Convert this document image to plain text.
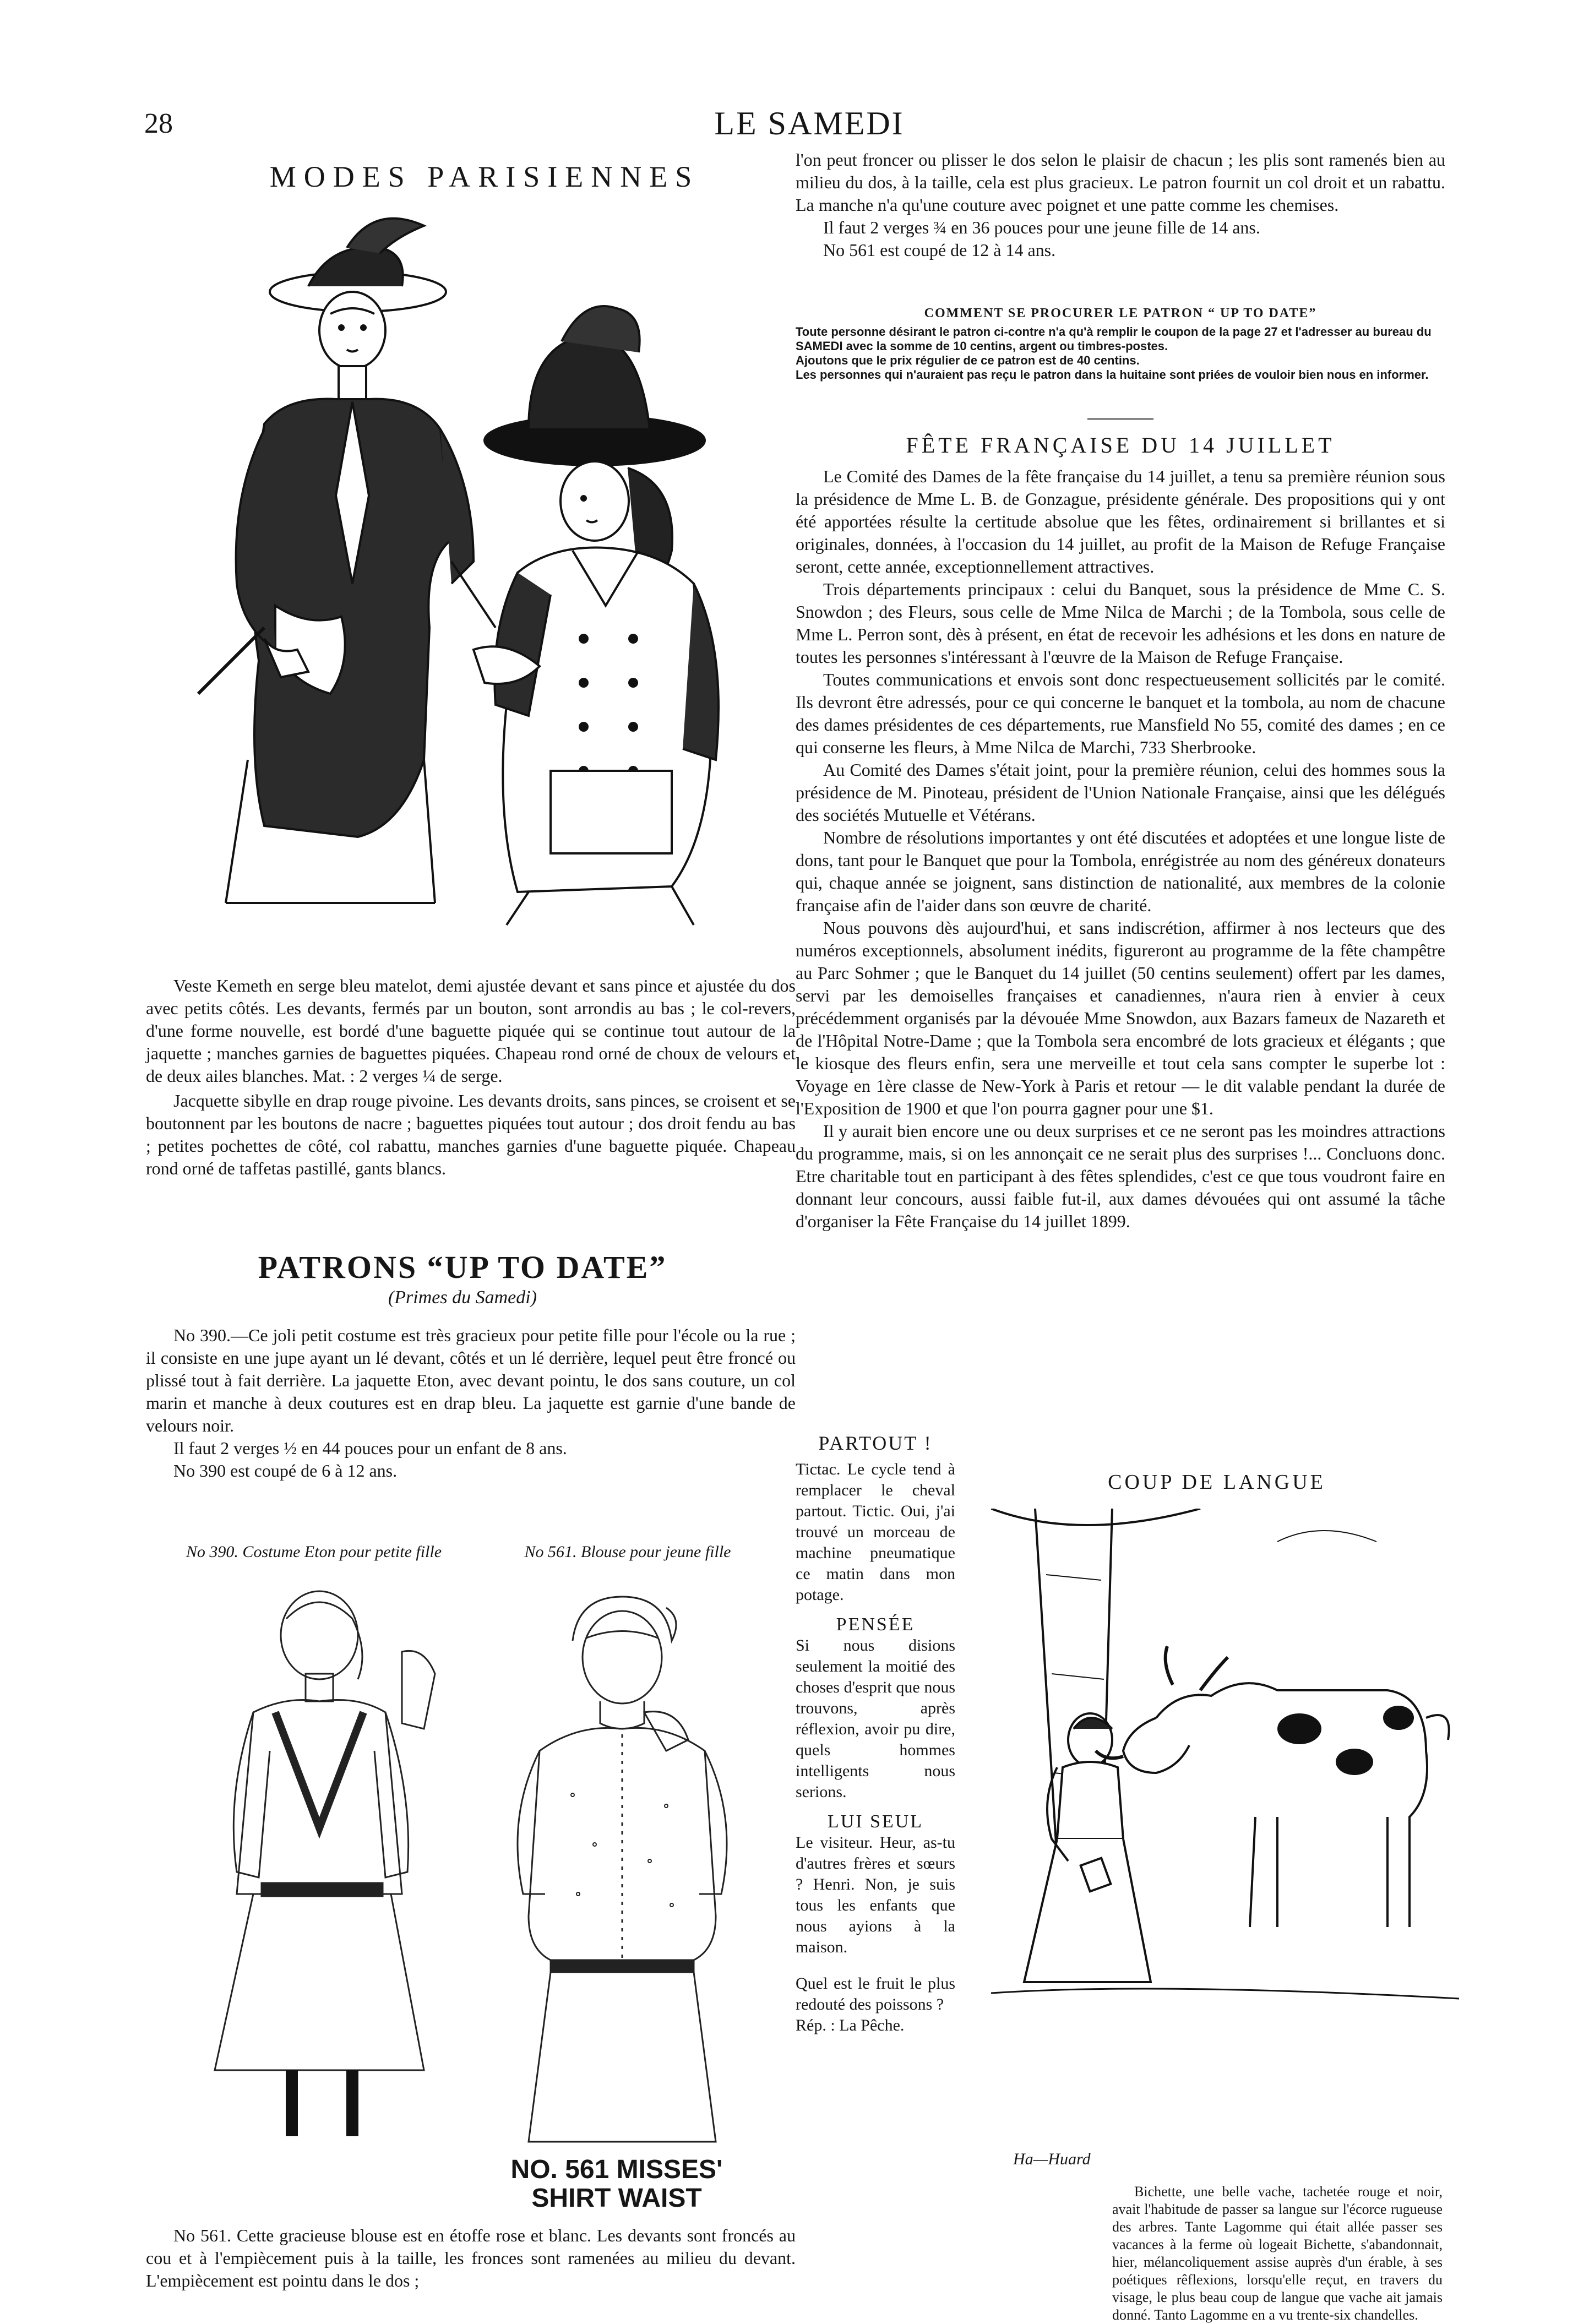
28	LE SAMEDI
MODES PARISIENNES

Veste Kemeth en serge bleu matelot, demi ajustée devant et sans pince et ajustée du dos avec petits côtés. Les devants, fermés par un bouton, sont arrondis au bas ; le col-revers, d'une forme nouvelle, est bordé d'une baguette piquée qui se continue tout autour de la jaquette ; manches garnies de baguettes piquées. Chapeau rond orné de choux de velours et de deux ailes blanches. Mat. : 2 verges ¼ de serge.

Jacquette sibylle en drap rouge pivoine. Les devants droits, sans pinces, se croisent et se boutonnent par les boutons de nacre ; baguettes piquées tout autour ; dos droit fendu au bas ; petites pochettes de côté, col rabattu, manches garnies d'une baguette piquée. Chapeau rond orné de taffetas pastillé, gants blancs.

PATRONS “UP TO DATE”
(Primes du Samedi)

No 390.—Ce joli petit costume est très gracieux pour petite fille pour l'école ou la rue ; il consiste en une jupe ayant un lé devant, côtés et un lé derrière, lequel peut être froncé ou plissé tout à fait derrière. La jaquette Eton, avec devant pointu, le dos sans couture, un col marin et manche à deux coutures est en drap bleu. La jaquette est garnie d'une bande de velours noir.

Il faut 2 verges ½ en 44 pouces pour un enfant de 8 ans.

No 390 est coupé de 6 à 12 ans.

No 390. Costume Eton pour petite fille	No 561. Blouse pour jeune fille
NO. 561 MISSES'
SHIRT WAIST

No 561. Cette gracieuse blouse est en étoffe rose et blanc. Les devants sont froncés au cou et à l'empiècement puis à la taille, les fronces sont ramenées au milieu du devant. L'empiècement est pointu dans le dos ;

l'on peut froncer ou plisser le dos selon le plaisir de chacun ; les plis sont ramenés bien au milieu du dos, à la taille, cela est plus gracieux. Le patron fournit un col droit et un rabattu. La manche n'a qu'une couture avec poignet et une patte comme les chemises.

Il faut 2 verges ¾ en 36 pouces pour une jeune fille de 14 ans.

No 561 est coupé de 12 à 14 ans.

COMMENT SE PROCURER LE PATRON “ UP TO DATE”
Toute personne désirant le patron ci-contre n'a qu'à remplir le coupon de la page 27 et l'adresser au bureau du SAMEDI avec la somme de 10 centins, argent ou timbres-postes.
Ajoutons que le prix régulier de ce patron est de 40 centins.
Les personnes qui n'auraient pas reçu le patron dans la huitaine sont priées de vouloir bien nous en informer.
FÊTE FRANÇAISE DU 14 JUILLET

Le Comité des Dames de la fête française du 14 juillet, a tenu sa première réunion sous la présidence de Mme L. B. de Gonzague, présidente générale. Des propositions qui y ont été apportées résulte la certitude absolue que les fêtes, ordinairement si brillantes et si originales, données, à l'occasion du 14 juillet, au profit de la Maison de Refuge Française seront, cette année, exceptionnellement attractives.

Trois départements principaux : celui du Banquet, sous la présidence de Mme C. S. Snowdon ; des Fleurs, sous celle de Mme Nilca de Marchi ; de la Tombola, sous celle de Mme L. Perron sont, dès à présent, en état de recevoir les adhésions et les dons en nature de toutes les personnes s'intéressant à l'œuvre de la Maison de Refuge Française.

Toutes communications et envois sont donc respectueusement sollicités par le comité. Ils devront être adressés, pour ce qui concerne le banquet et la tombola, au nom de chacune des dames présidentes de ces départements, rue Mansfield No 55, comité des dames ; en ce qui conserne les fleurs, à Mme Nilca de Marchi, 733 Sherbrooke.

Au Comité des Dames s'était joint, pour la première réunion, celui des hommes sous la présidence de M. Pinoteau, président de l'Union Nationale Française, ainsi que les délégués des sociétés Mutuelle et Vétérans.

Nombre de résolutions importantes y ont été discutées et adoptées et une longue liste de dons, tant pour le Banquet que pour la Tombola, enrégistrée au nom des généreux donateurs qui, chaque année se joignent, sans distinction de nationalité, aux membres de la colonie française afin de l'aider dans son œuvre de charité.

Nous pouvons dès aujourd'hui, et sans indiscrétion, affirmer à nos lecteurs que des numéros exceptionnels, absolument inédits, figureront au programme de la fête champêtre au Parc Sohmer ; que le Banquet du 14 juillet (50 centins seulement) offert par les dames, servi par les demoiselles françaises et canadiennes, n'aura rien à envier à ceux précédemment organisés par la dévouée Mme Snowdon, aux Bazars fameux de Nazareth et de l'Hôpital Notre-Dame ; que la Tombola sera encombré de lots gracieux et élégants ; que le kiosque des fleurs enfin, sera une merveille et tout cela sans compter le superbe lot : Voyage en 1ère classe de New-York à Paris et retour — le dit valable pendant la durée de l'Exposition de 1900 et que l'on pourra gagner pour une $1.

Il y aurait bien encore une ou deux surprises et ce ne seront pas les moindres attractions du programme, mais, si on les annonçait ce ne serait plus des surprises !... Concluons donc. Etre charitable tout en participant à des fêtes splendides, c'est ce que tous voudront faire en donnant leur concours, aussi faible fut-il, aux dames dévouées qui ont assumé la tâche d'organiser la Fête Française du 14 juillet 1899.

PARTOUT !

Tictac. Le cycle tend à remplacer le cheval partout. Tictic. Oui, j'ai trouvé un morceau de machine pneumatique ce matin dans mon potage.

PENSÉE

Si nous disions seulement la moitié des choses d'esprit que nous trouvons, après réflexion, avoir pu dire, quels hommes intelligents nous serions.

LUI SEUL

Le visiteur. Heur, as-tu d'autres frères et sœurs ? Henri. Non, je suis tous les enfants que nous ayions à la maison.

Quel est le fruit le plus redouté des poissons ?

Rép. : La Pêche.

COUP DE LANGUE
Ha—Huard

Bichette, une belle vache, tachetée rouge et noir, avait l'habitude de passer sa langue sur l'écorce rugueuse des arbres. Tante Lagomme qui était allée passer ses vacances à la ferme où logeait Bichette, s'abandonnait, hier, mélancoliquement assise auprès d'un érable, à ses poétiques rêflexions, lorsqu'elle reçut, en travers du visage, le plus beau coup de langue que vache ait jamais donné. Tanto Lagomme en a vu trente-six chandelles.
